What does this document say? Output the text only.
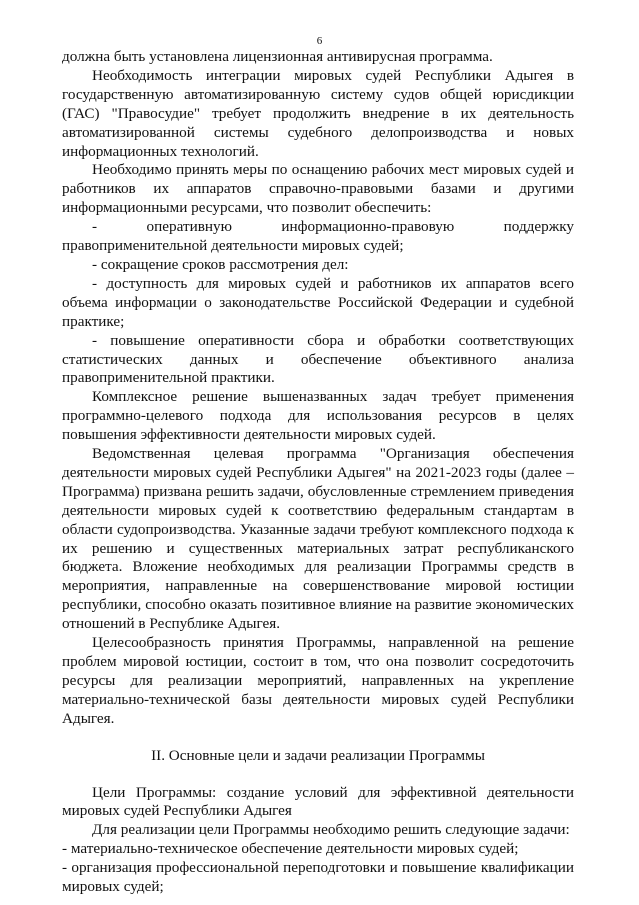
6

должна быть установлена лицензионная антивирусная программа.

Необходимость интеграции мировых судей Республики Адыгея в государственную автоматизированную систему судов общей юрисдикции (ГАС) "Правосудие" требует продолжить внедрение в их деятельность автоматизированной системы судебного делопроизводства и новых информационных технологий.

Необходимо принять меры по оснащению рабочих мест мировых судей и работников их аппаратов справочно-правовыми базами и другими информационными ресурсами, что позволит обеспечить:

- оперативную информационно-правовую поддержку правоприменительной деятельности мировых судей;

- сокращение сроков рассмотрения дел:

- доступность для мировых судей и работников их аппаратов всего объема информации о законодательстве Российской Федерации и судебной практике;

- повышение оперативности сбора и обработки соответствующих статистических данных и обеспечение объективного анализа правоприменительной практики.

Комплексное решение вышеназванных задач требует применения программно-целевого подхода для использования ресурсов в целях повышения эффективности деятельности мировых судей.

Ведомственная целевая программа "Организация обеспечения деятельности мировых судей Республики Адыгея" на 2021-2023 годы (далее – Программа) призвана решить задачи, обусловленные стремлением приведения деятельности мировых судей к соответствию федеральным стандартам в области судопроизводства. Указанные задачи требуют комплексного подхода к их решению и существенных материальных затрат республиканского бюджета. Вложение необходимых для реализации Программы средств в мероприятия, направленные на совершенствование мировой юстиции республики, способно оказать позитивное влияние на развитие экономических отношений в Республике Адыгея.

Целесообразность принятия Программы, направленной на решение проблем мировой юстиции, состоит в том, что она позволит сосредоточить ресурсы для реализации мероприятий, направленных на укрепление материально-технической базы деятельности мировых судей Республики Адыгея.

II. Основные цели и задачи реализации Программы

Цели Программы: создание условий для эффективной деятельности мировых судей Республики Адыгея

Для реализации цели Программы необходимо решить следующие задачи:

- материально-техническое обеспечение деятельности мировых судей;

- организация профессиональной переподготовки и повышение квалификации мировых судей;
